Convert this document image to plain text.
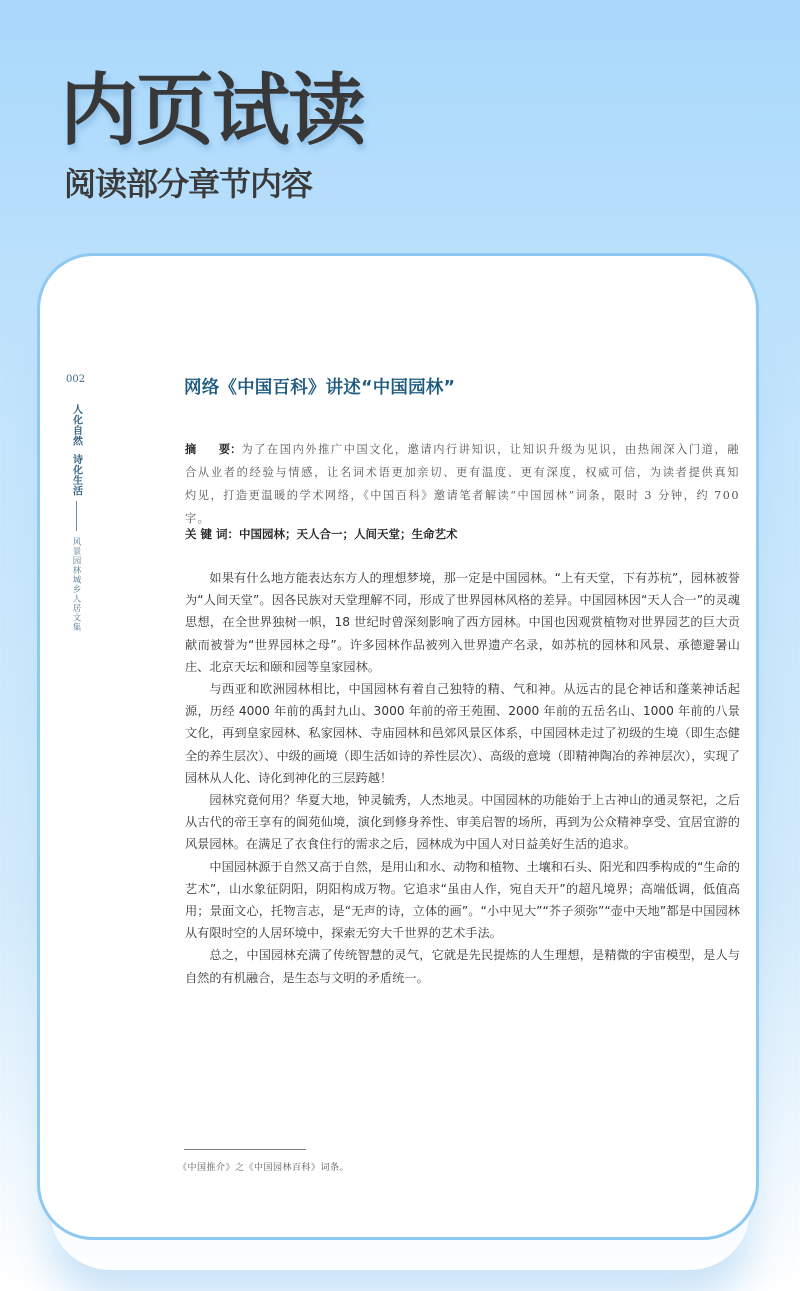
内页试读
阅读部分章节内容
002
人化自然
诗化生活
风景园林城乡人居文集
网络《中国百科》讲述“中国园林”
摘　　要：为了在国内外推广中国文化，邀请内行讲知识，让知识升级为见识，由热闹深入门道，融合从业者的经验与情感，让名词术语更加亲切、更有温度、更有深度，权威可信，为读者提供真知灼见，打造更温暖的学术网络，《中国百科》邀请笔者解读“中国园林”词条，限时 3 分钟，约 700 字。
关 键 词：中国园林；天人合一；人间天堂；生命艺术

如果有什么地方能表达东方人的理想梦境，那一定是中国园林。“上有天堂，下有苏杭”，园林被誉为“人间天堂”。因各民族对天堂理解不同，形成了世界园林风格的差异。中国园林因“天人合一”的灵魂思想，在全世界独树一帜，18 世纪时曾深刻影响了西方园林。中国也因观赏植物对世界园艺的巨大贡献而被誉为“世界园林之母”。许多园林作品被列入世界遗产名录，如苏杭的园林和风景、承德避暑山庄、北京天坛和颐和园等皇家园林。

与西亚和欧洲园林相比，中国园林有着自己独特的精、气和神。从远古的昆仑神话和蓬莱神话起源，历经 4000 年前的禹封九山、3000 年前的帝王苑囿、2000 年前的五岳名山、1000 年前的八景文化，再到皇家园林、私家园林、寺庙园林和邑郊风景区体系，中国园林走过了初级的生境（即生态健全的养生层次）、中级的画境（即生活如诗的养性层次）、高级的意境（即精神陶冶的养神层次），实现了园林从人化、诗化到神化的三层跨越！

园林究竟何用？华夏大地，钟灵毓秀，人杰地灵。中国园林的功能始于上古神山的通灵祭祀，之后从古代的帝王享有的阆苑仙境，演化到修身养性、审美启智的场所，再到为公众精神享受、宜居宜游的风景园林。在满足了衣食住行的需求之后，园林成为中国人对日益美好生活的追求。

中国园林源于自然又高于自然，是用山和水、动物和植物、土壤和石头、阳光和四季构成的“生命的艺术”，山水象征阴阳，阴阳构成万物。它追求“虽由人作，宛自天开”的超凡境界；高端低调，低值高用；景面文心，托物言志，是“无声的诗，立体的画”。“小中见大”“芥子须弥”“壶中天地”都是中国园林从有限时空的人居环境中，探索无穷大千世界的艺术手法。

总之，中国园林充满了传统智慧的灵气，它就是先民提炼的人生理想，是精微的宇宙模型，是人与自然的有机融合，是生态与文明的矛盾统一。

《中国推介》之《中国园林百科》词条。
